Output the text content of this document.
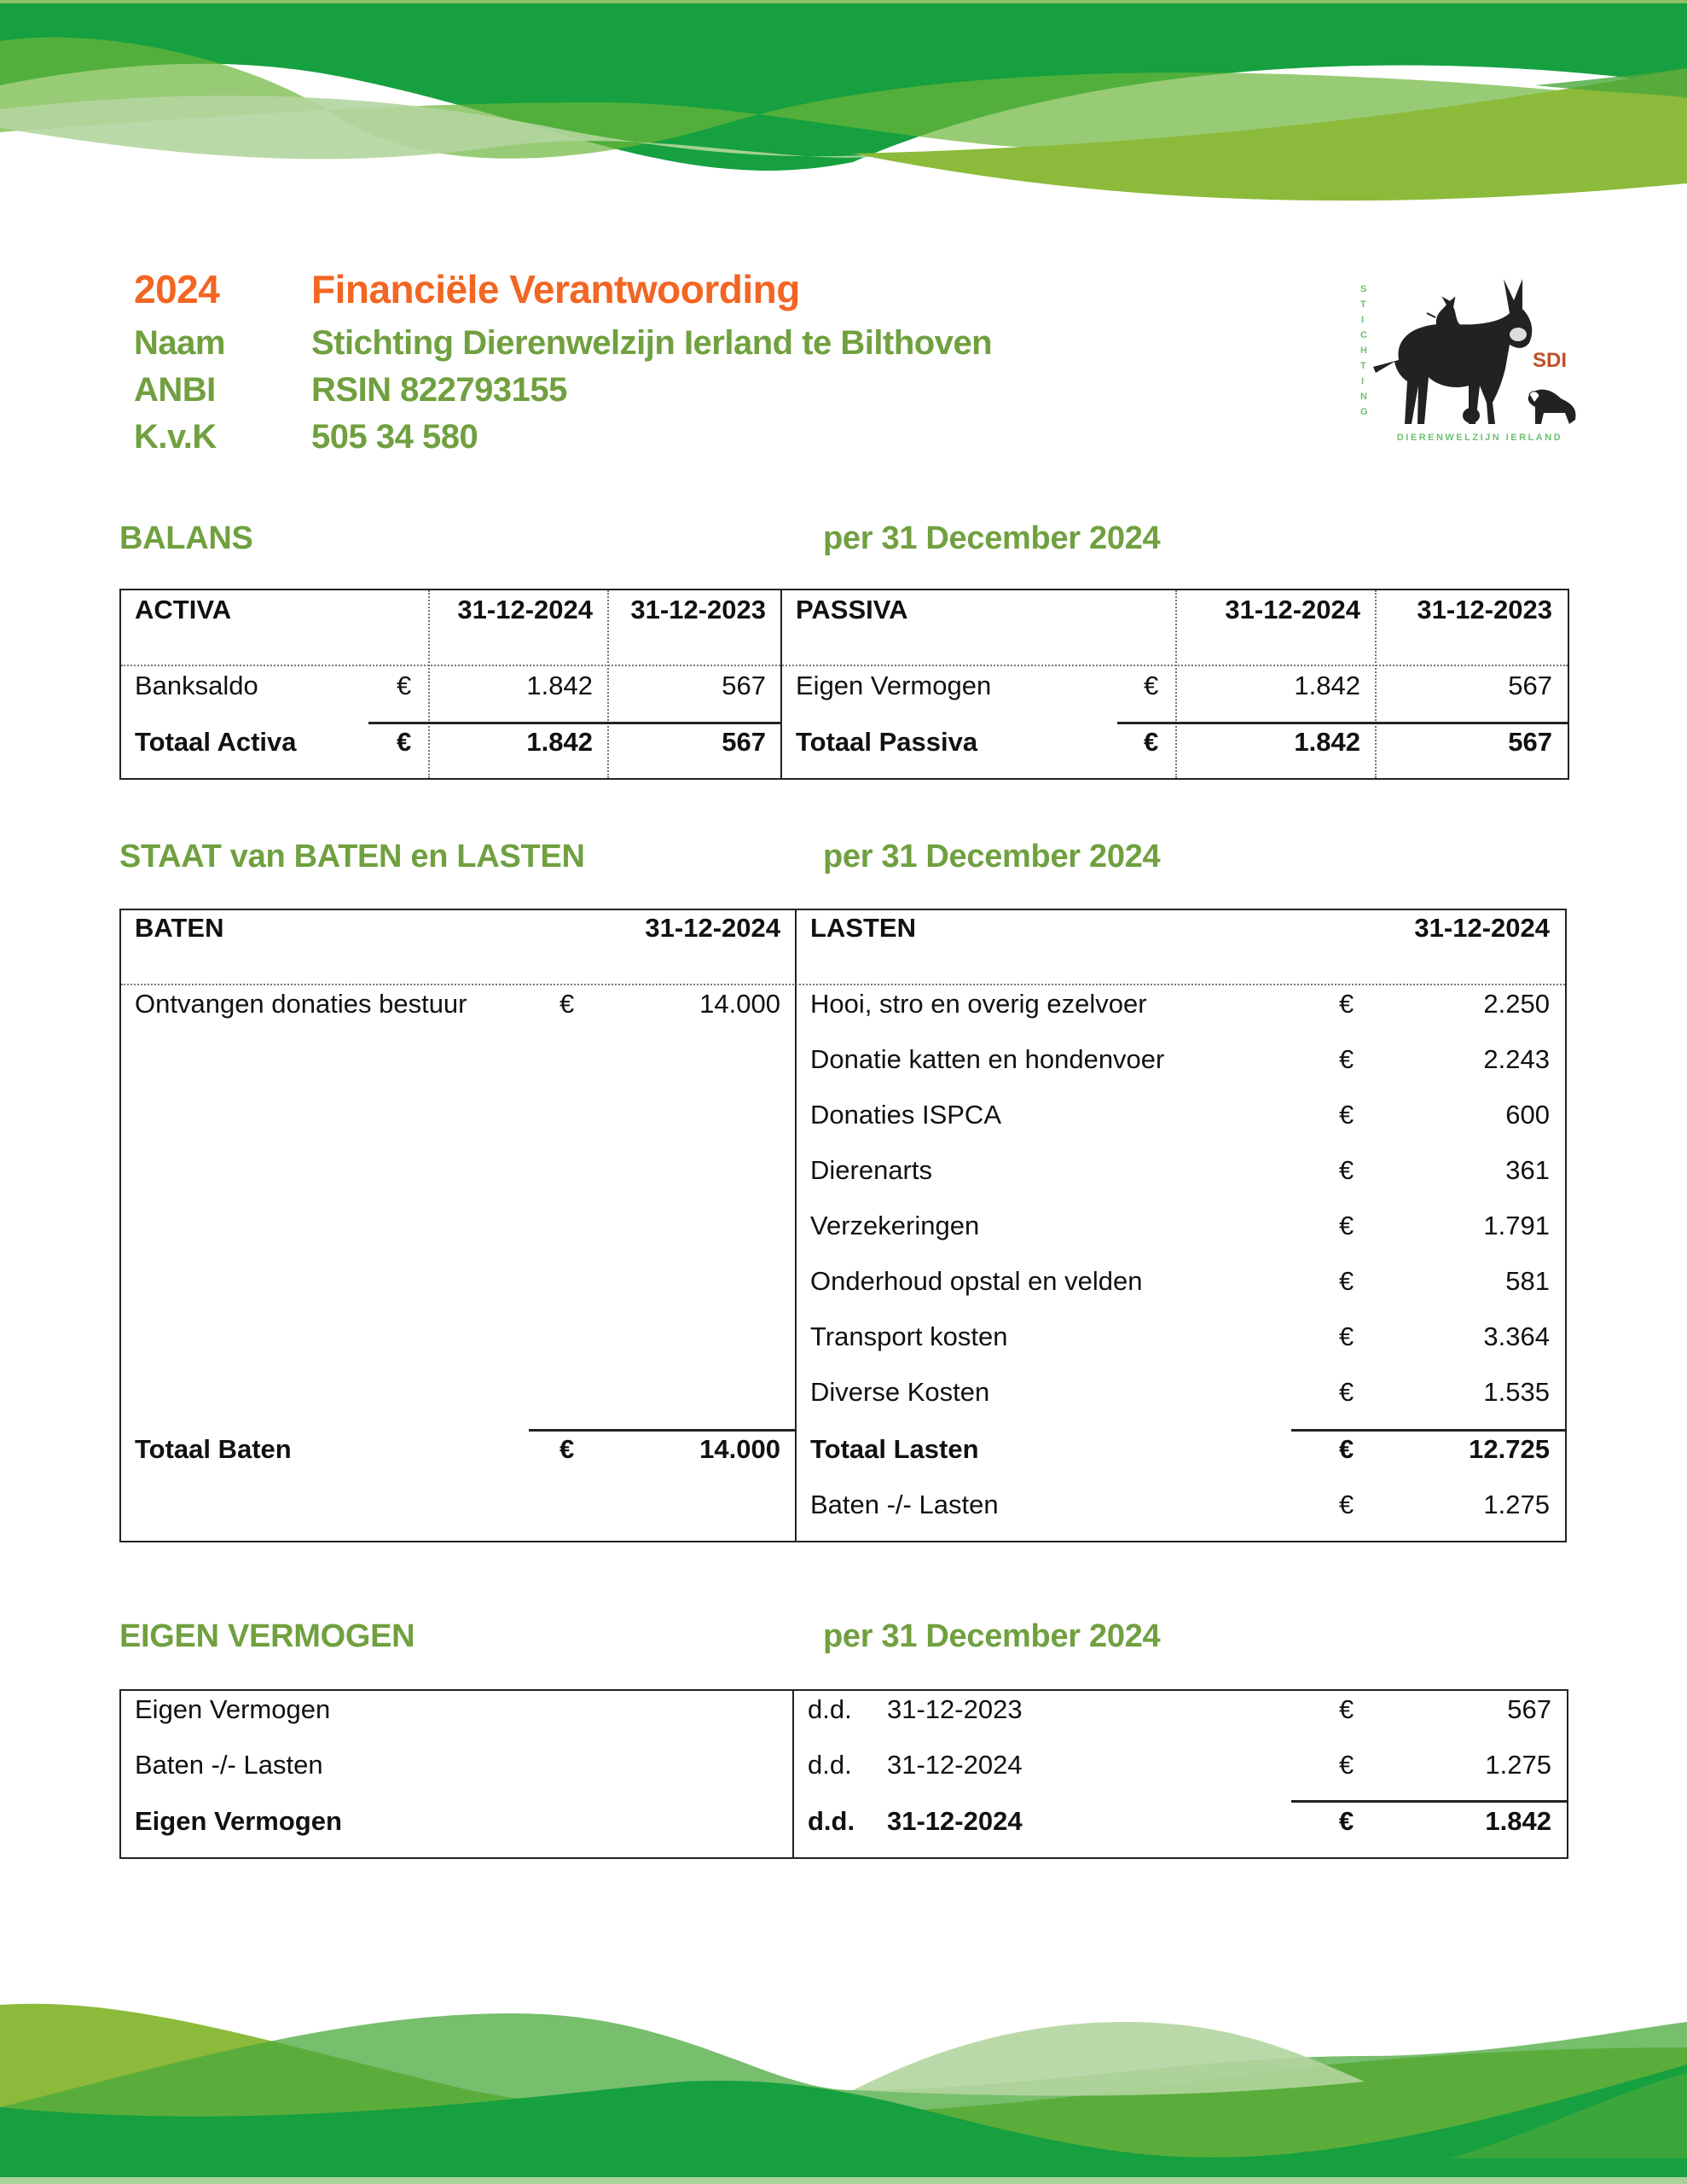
2024 Financiële Verantwoording
Naam	Stichting Dierenwelzijn Ierland te Bilthoven
ANBI	RSIN 822793155
K.v.K	505 34 580
SDI
S
T
I
C
H
T
I
N
G
DIERENWELZIJN IERLAND
BALANS	per 31 December 2024
ACTIVA	31-12-2024	31-12-2023
Banksaldo	€	1.842	567
Totaal Activa	€	1.842	567
PASSIVA	31-12-2024	31-12-2023
Eigen Vermogen	€	1.842	567
Totaal Passiva	€	1.842	567
STAAT van BATEN en LASTEN	per 31 December 2024
BATEN	31-12-2024
Ontvangen donaties bestuur	€	14.000
Totaal Baten	€	14.000
LASTEN	31-12-2024
Hooi, stro en overig ezelvoer	€	2.250
Donatie katten en hondenvoer	€	2.243
Donaties ISPCA	€	600
Dierenarts	€	361
Verzekeringen	€	1.791
Onderhoud opstal en velden	€	581
Transport kosten	€	3.364
Diverse Kosten	€	1.535
Totaal Lasten	€	12.725
Baten -/- Lasten	€	1.275
EIGEN VERMOGEN	per 31 December 2024
Eigen Vermogen	d.d. 31-12-2023	€	567
Baten -/- Lasten	d.d. 31-12-2024	€	1.275
Eigen Vermogen	d.d. 31-12-2024	€	1.842
